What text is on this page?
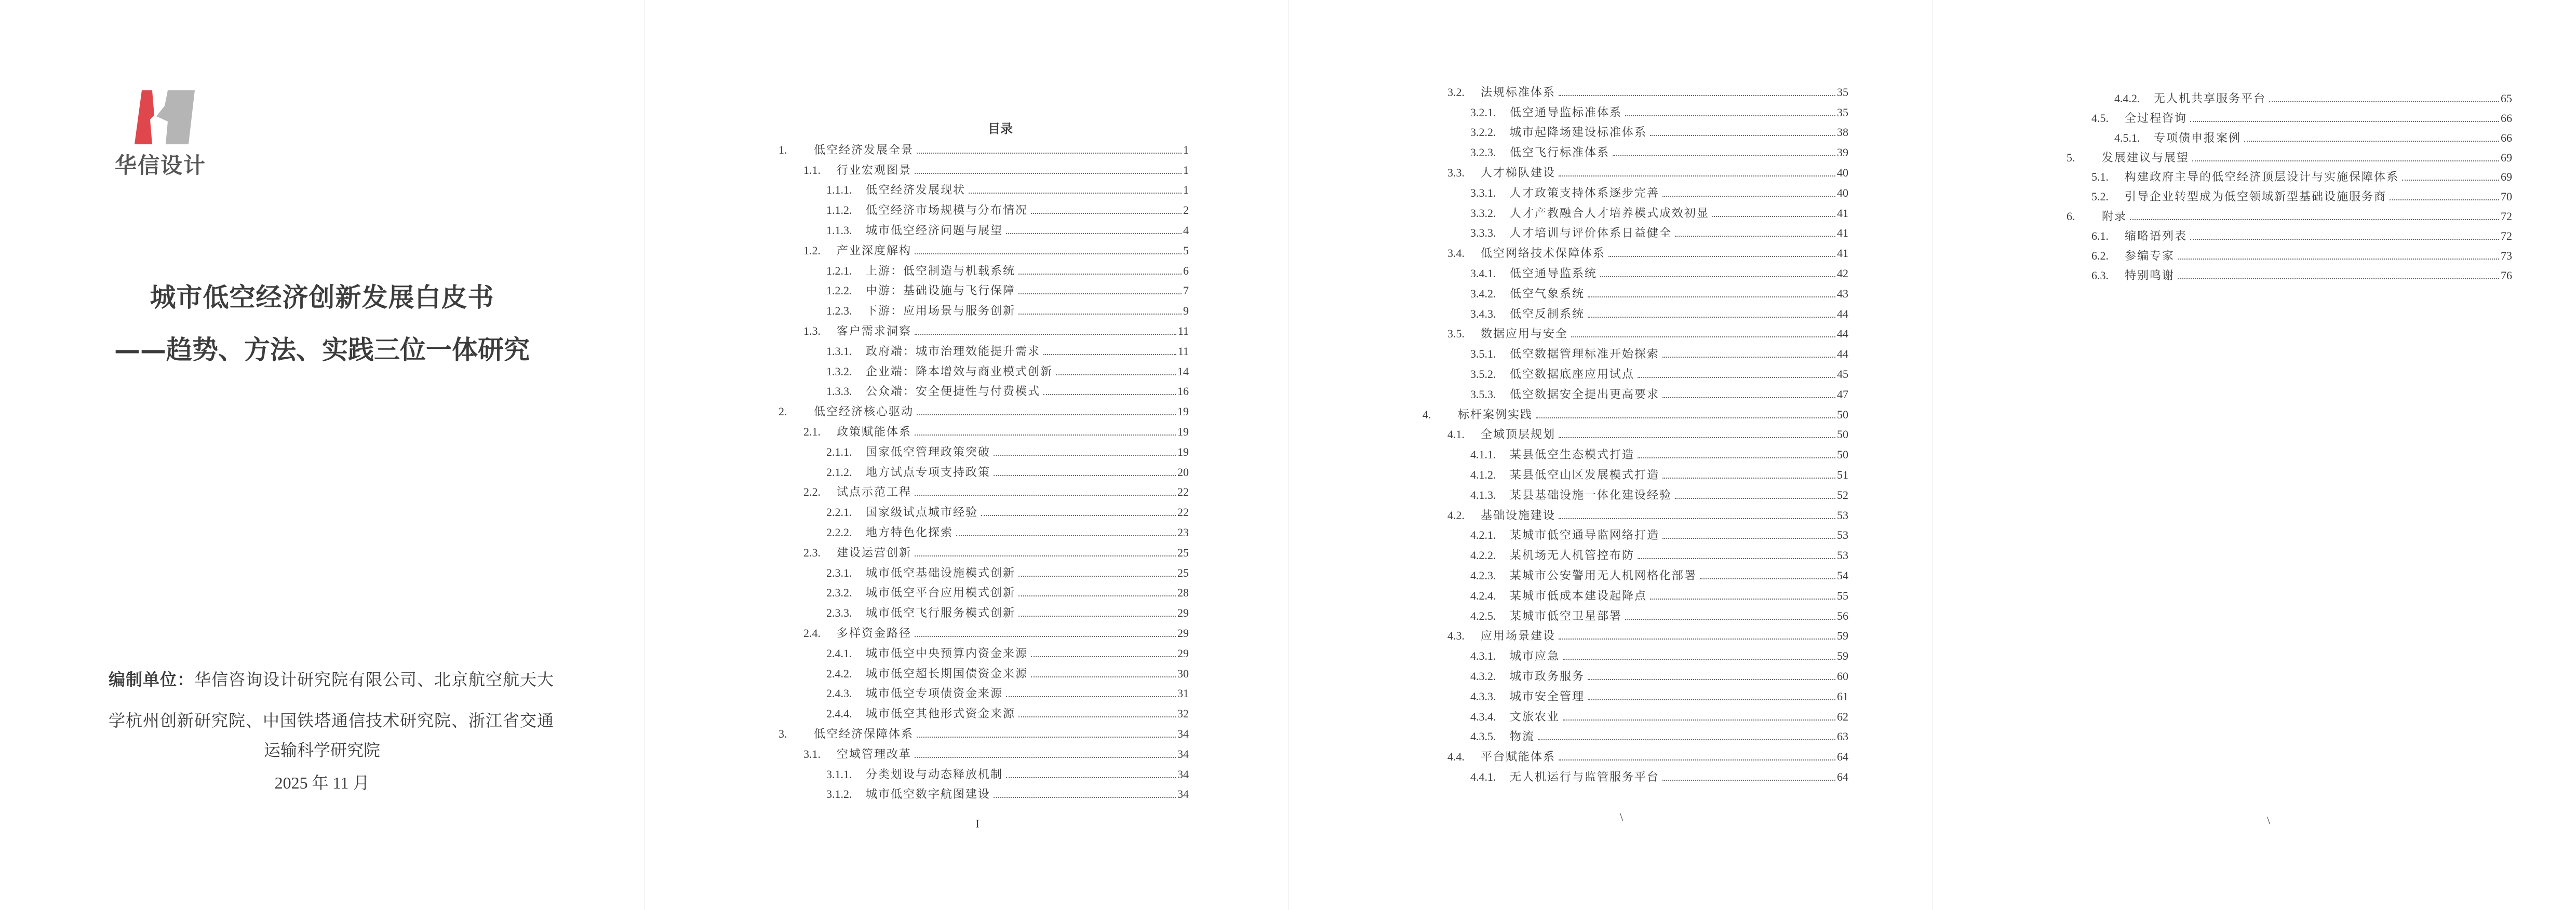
华信设计
城市低空经济创新发展白皮书
——趋势、方法、实践三位一体研究
编制单位：华信咨询设计研究院有限公司、北京航空航天大
学杭州创新研究院、中国铁塔通信技术研究院、浙江省交通
运输科学研究院
2025 年 11 月
目录
1. 低空经济发展全景	1
1.1. 行业宏观图景	1
1.1.1. 低空经济发展现状	1
1.1.2. 低空经济市场规模与分布情况	2
1.1.3. 城市低空经济问题与展望	4
1.2. 产业深度解构	5
1.2.1. 上游：低空制造与机载系统	6
1.2.2. 中游：基础设施与飞行保障	7
1.2.3. 下游：应用场景与服务创新	9
1.3. 客户需求洞察	11
1.3.1. 政府端：城市治理效能提升需求	11
1.3.2. 企业端：降本增效与商业模式创新	14
1.3.3. 公众端：安全便捷性与付费模式	16
2. 低空经济核心驱动	19
2.1. 政策赋能体系	19
2.1.1. 国家低空管理政策突破	19
2.1.2. 地方试点专项支持政策	20
2.2. 试点示范工程	22
2.2.1. 国家级试点城市经验	22
2.2.2. 地方特色化探索	23
2.3. 建设运营创新	25
2.3.1. 城市低空基础设施模式创新	25
2.3.2. 城市低空平台应用模式创新	28
2.3.3. 城市低空飞行服务模式创新	29
2.4. 多样资金路径	29
2.4.1. 城市低空中央预算内资金来源	29
2.4.2. 城市低空超长期国债资金来源	30
2.4.3. 城市低空专项债资金来源	31
2.4.4. 城市低空其他形式资金来源	32
3. 低空经济保障体系	34
3.1. 空域管理改革	34
3.1.1. 分类划设与动态释放机制	34
3.1.2. 城市低空数字航图建设	34
I
3.2. 法规标准体系	35
3.2.1. 低空通导监标准体系	35
3.2.2. 城市起降场建设标准体系	38
3.2.3. 低空飞行标准体系	39
3.3. 人才梯队建设	40
3.3.1. 人才政策支持体系逐步完善	40
3.3.2. 人才产教融合人才培养模式成效初显	41
3.3.3. 人才培训与评价体系日益健全	41
3.4. 低空网络技术保障体系	41
3.4.1. 低空通导监系统	42
3.4.2. 低空气象系统	43
3.4.3. 低空反制系统	44
3.5. 数据应用与安全	44
3.5.1. 低空数据管理标准开始探索	44
3.5.2. 低空数据底座应用试点	45
3.5.3. 低空数据安全提出更高要求	47
4. 标杆案例实践	50
4.1. 全域顶层规划	50
4.1.1. 某县低空生态模式打造	50
4.1.2. 某县低空山区发展模式打造	51
4.1.3. 某县基础设施一体化建设经验	52
4.2. 基础设施建设	53
4.2.1. 某城市低空通导监网络打造	53
4.2.2. 某机场无人机管控布防	53
4.2.3. 某城市公安警用无人机网格化部署	54
4.2.4. 某城市低成本建设起降点	55
4.2.5. 某城市低空卫星部署	56
4.3. 应用场景建设	59
4.3.1. 城市应急	59
4.3.2. 城市政务服务	60
4.3.3. 城市安全管理	61
4.3.4. 文旅农业	62
4.3.5. 物流	63
4.4. 平台赋能体系	64
4.4.1. 无人机运行与监管服务平台	64
\
4.4.2. 无人机共享服务平台	65
4.5. 全过程咨询	66
4.5.1. 专项债申报案例	66
5. 发展建议与展望	69
5.1. 构建政府主导的低空经济顶层设计与实施保障体系	69
5.2. 引导企业转型成为低空领域新型基础设施服务商	70
6. 附录	72
6.1. 缩略语列表	72
6.2. 参编专家	73
6.3. 特别鸣谢	76
\
